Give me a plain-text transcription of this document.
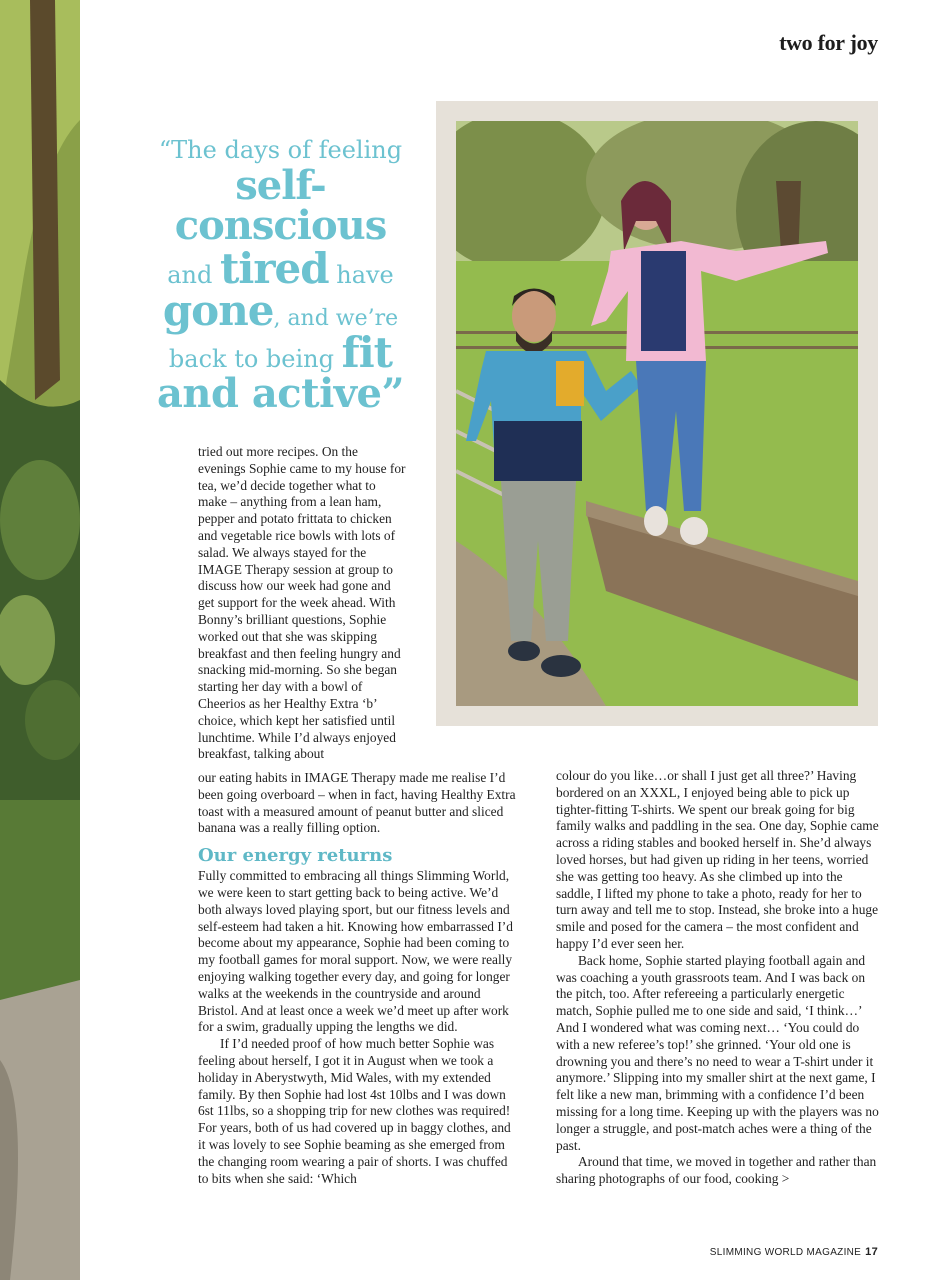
two for joy
“The days of feeling
self-conscious
and tired have
gone, and we’re
back to being fit
and active”

tried out more recipes. On the evenings Sophie came to my house for tea, we’d decide together what to make – anything from a lean ham, pepper and potato frittata to chicken and vegetable rice bowls with lots of salad. We always stayed for the IMAGE Therapy session at group to discuss how our week had gone and get support for the week ahead. With Bonny’s brilliant questions, Sophie worked out that she was skipping breakfast and then feeling hungry and snacking mid-morning. So she began starting her day with a bowl of Cheerios as her Healthy Extra ‘b’ choice, which kept her satisfied until lunchtime. While I’d always enjoyed breakfast, talking about

our eating habits in IMAGE Therapy made me realise I’d been going overboard – when in fact, having Healthy Extra toast with a measured amount of peanut butter and sliced banana was a really filling option.

Our energy returns

Fully committed to embracing all things Slimming World, we were keen to start getting back to being active. We’d both always loved playing sport, but our fitness levels and self-esteem had taken a hit. Knowing how embarrassed I’d become about my appearance, Sophie had been coming to my football games for moral support. Now, we were really enjoying walking together every day, and going for longer walks at the weekends in the countryside and around Bristol. And at least once a week we’d meet up after work for a swim, gradually upping the lengths we did.

If I’d needed proof of how much better Sophie was feeling about herself, I got it in August when we took a holiday in Aberystwyth, Mid Wales, with my extended family. By then Sophie had lost 4st 10lbs and I was down 6st 11lbs, so a shopping trip for new clothes was required! For years, both of us had covered up in baggy clothes, and it was lovely to see Sophie beaming as she emerged from the changing room wearing a pair of shorts. I was chuffed to bits when she said: ‘Which

colour do you like…or shall I just get all three?’ Having bordered on an XXXL, I enjoyed being able to pick up tighter-fitting T-shirts. We spent our break going for big family walks and paddling in the sea. One day, Sophie came across a riding stables and booked herself in. She’d always loved horses, but had given up riding in her teens, worried she was getting too heavy. As she climbed up into the saddle, I lifted my phone to take a photo, ready for her to turn away and tell me to stop. Instead, she broke into a huge smile and posed for the camera – the most confident and happy I’d ever seen her.

Back home, Sophie started playing football again and was coaching a youth grassroots team. And I was back on the pitch, too. After refereeing a particularly energetic match, Sophie pulled me to one side and said, ‘I think…’ And I wondered what was coming next… ‘You could do with a new referee’s top!’ she grinned. ‘Your old one is drowning you and there’s no need to wear a T-shirt under it anymore.’ Slipping into my smaller shirt at the next game, I felt like a new man, brimming with a confidence I’d been missing for a long time. Keeping up with the players was no longer a struggle, and post-match aches were a thing of the past.

Around that time, we moved in together and rather than sharing photographs of our food, cooking >

SLIMMING WORLD MAGAZINE 17
